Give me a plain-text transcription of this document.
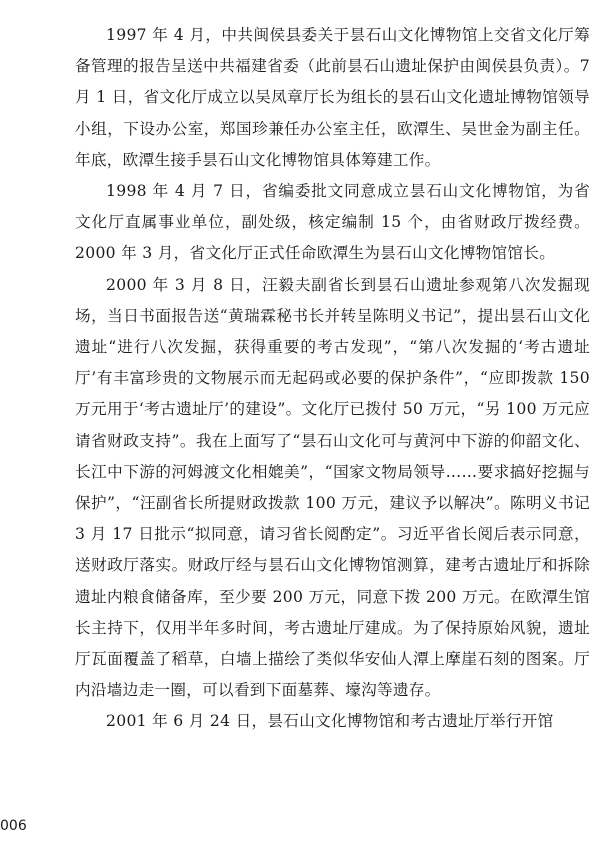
1997 年 4 月，中共闽侯县委关于昙石山文化博物馆上交省文化厅筹备管理的报告呈送中共福建省委（此前昙石山遗址保护由闽侯县负责）。7 月 1 日，省文化厅成立以吴凤章厅长为组长的昙石山文化遗址博物馆领导小组，下设办公室，郑国珍兼任办公室主任，欧潭生、吴世金为副主任。年底，欧潭生接手昙石山文化博物馆具体筹建工作。

1998 年 4 月 7 日，省编委批文同意成立昙石山文化博物馆，为省文化厅直属事业单位，副处级，核定编制 15 个，由省财政厅拨经费。2000 年 3 月，省文化厅正式任命欧潭生为昙石山文化博物馆馆长。

2000 年 3 月 8 日，汪毅夫副省长到昙石山遗址参观第八次发掘现场，当日书面报告送“黄瑞霖秘书长并转呈陈明义书记”，提出昙石山文化遗址“进行八次发掘，获得重要的考古发现”，“第八次发掘的‘考古遗址厅’有丰富珍贵的文物展示而无起码或必要的保护条件”，“应即拨款 150 万元用于‘考古遗址厅’的建设”。文化厅已拨付 50 万元，“另 100 万元应请省财政支持”。我在上面写了“昙石山文化可与黄河中下游的仰韶文化、长江中下游的河姆渡文化相媲美”，“国家文物局领导……要求搞好挖掘与保护”，“汪副省长所提财政拨款 100 万元，建议予以解决”。陈明义书记 3 月 17 日批示“拟同意，请习省长阅酌定”。习近平省长阅后表示同意，送财政厅落实。财政厅经与昙石山文化博物馆测算，建考古遗址厅和拆除遗址内粮食储备库，至少要 200 万元，同意下拨 200 万元。在欧潭生馆长主持下，仅用半年多时间，考古遗址厅建成。为了保持原始风貌，遗址厅瓦面覆盖了稻草，白墙上描绘了类似华安仙人潭上摩崖石刻的图案。厅内沿墙边走一圈，可以看到下面墓葬、壕沟等遗存。

2001 年 6 月 24 日，昙石山文化博物馆和考古遗址厅举行开馆

006
